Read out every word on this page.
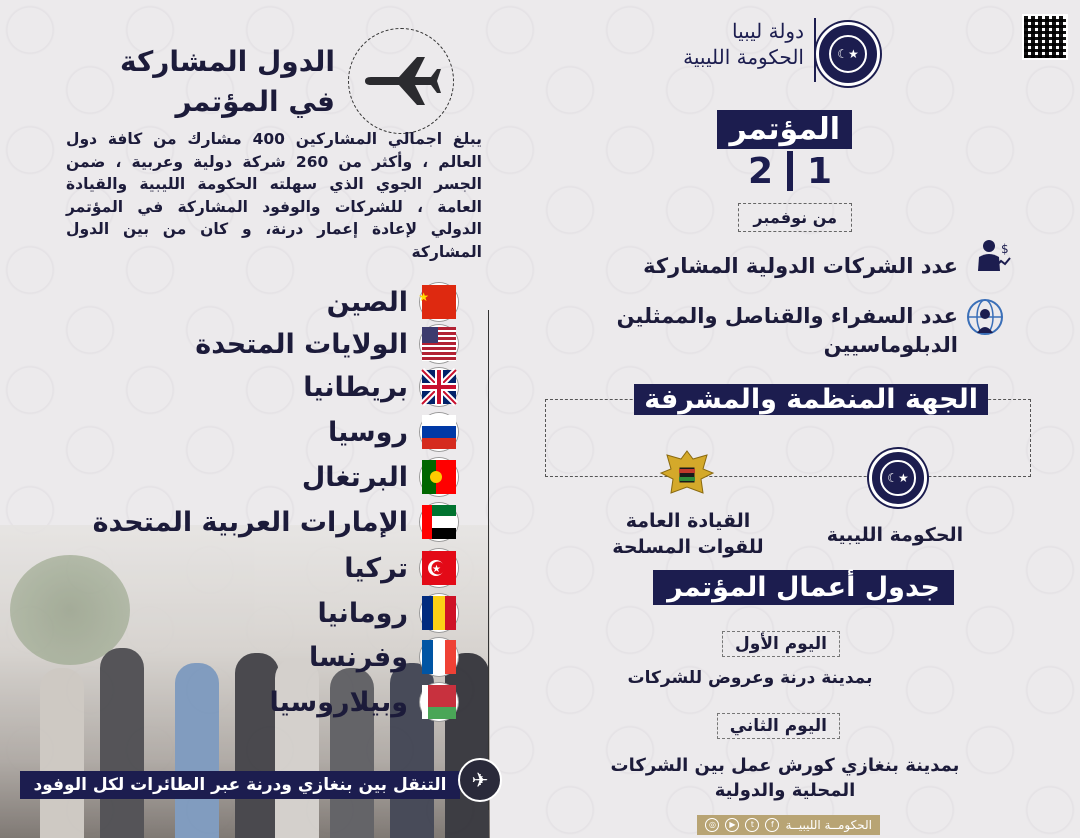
☾★
دولة ليبيا
الحكومة الليبية
المؤتمر
2 1
من نوفمبر
عدد الشركات الدولية المشاركة
$
عدد السفراء والقناصل والممثلين الدبلوماسيين
الجهة المنظمة والمشرفة
☾★
الحكومة الليبية
القيادة العامة للقوات المسلحة
جدول أعمال المؤتمر
اليوم الأول
بمدينة درنة وعروض للشركات
اليوم الثاني
بمدينة بنغازي كورش عمل بين الشركات المحلية والدولية
الحكومــة الليبيــة
f
t
▶
◎
الدول المشاركة
في المؤتمر
يبلغ اجمالي المشاركين 400 مشارك من كافة دول العالم ، وأكثر من 260 شركة دولية وعربية ، ضمن الجسر الجوي الذي سهلته الحكومة الليبية والقيادة العامة ، للشركات والوفود المشاركة في المؤتمر الدولي لإعادة إعمار درنة، و كان من بين الدول المشاركة
★
الصين
الولايات المتحدة
بريطانيا
روسيا
البرتغال
الإمارات العربية المتحدة
★
تركيا
رومانيا
وفرنسا
وبيلاروسيا
التنقل بين بنغازي ودرنة عبر الطائرات لكل الوفود	✈
